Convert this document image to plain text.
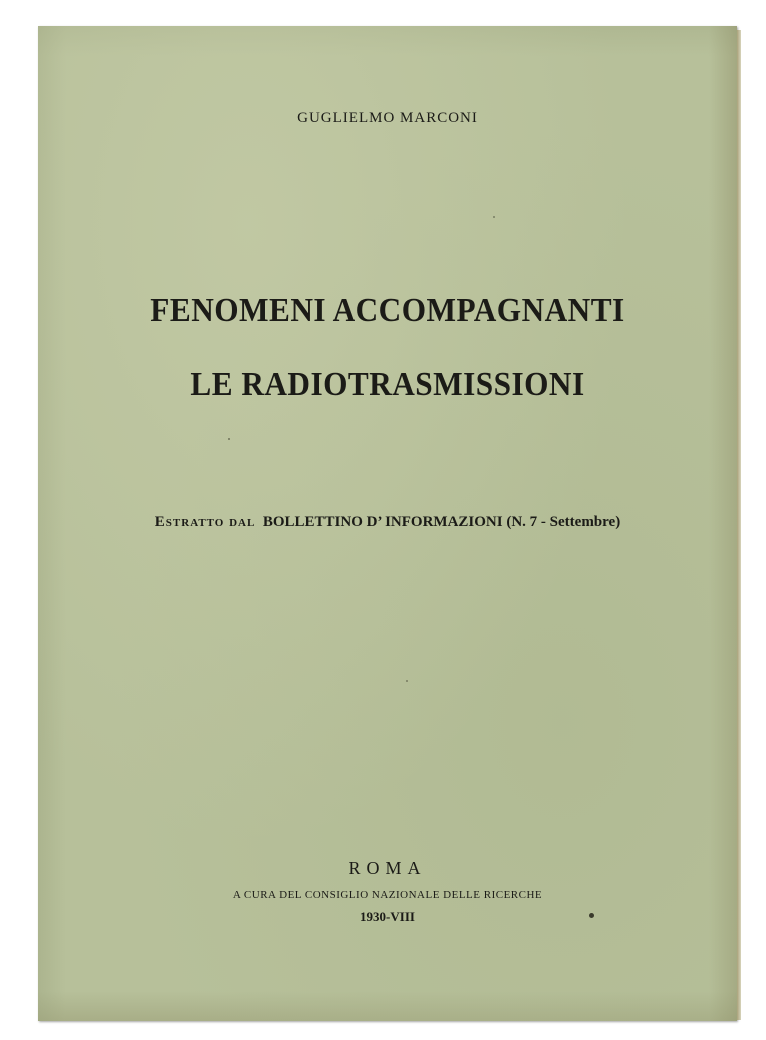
GUGLIELMO MARCONI
FENOMENI ACCOMPAGNANTI
LE RADIOTRASMISSIONI
Estratto dal BOLLETTINO D’ INFORMAZIONI (N. 7 - Settembre)
ROMA
A CURA DEL CONSIGLIO NAZIONALE DELLE RICERCHE
1930-VIII
